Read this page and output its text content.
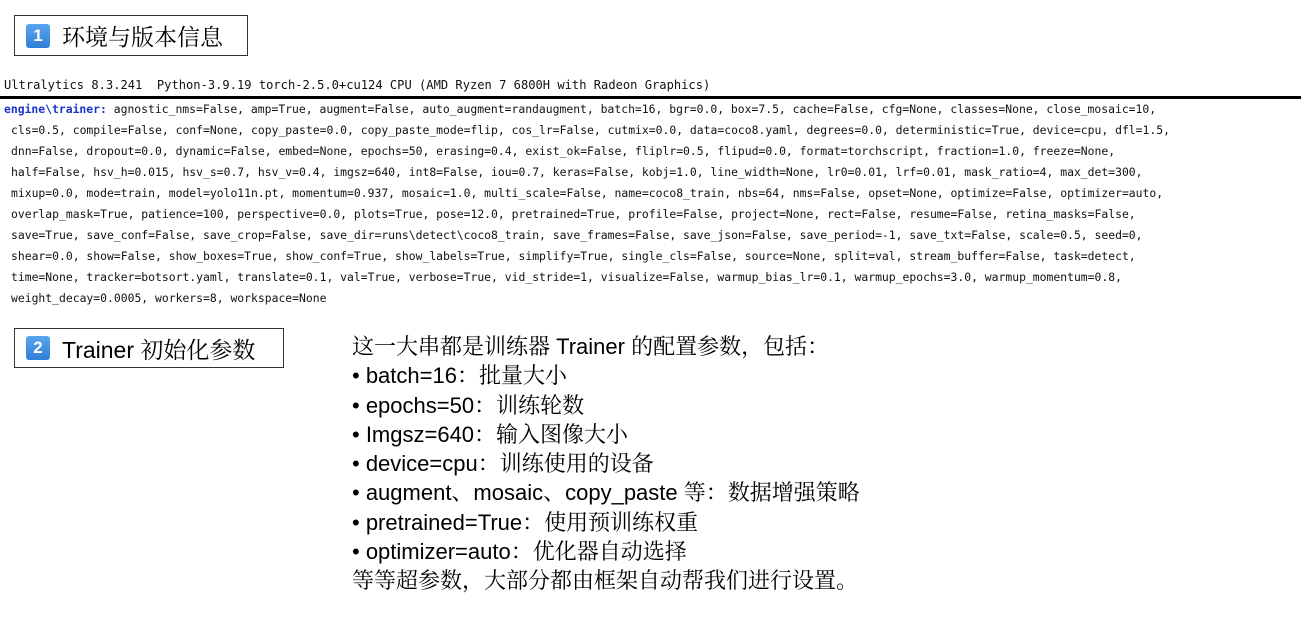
1 环境与版本信息
Ultralytics 8.3.241  Python-3.9.19 torch-2.5.0+cu124 CPU (AMD Ryzen 7 6800H with Radeon Graphics)
engine\trainer: agnostic_nms=False, amp=True, augment=False, auto_augment=randaugment, batch=16, bgr=0.0, box=7.5, cache=False, cfg=None, classes=None, close_mosaic=10,
cls=0.5, compile=False, conf=None, copy_paste=0.0, copy_paste_mode=flip, cos_lr=False, cutmix=0.0, data=coco8.yaml, degrees=0.0, deterministic=True, device=cpu, dfl=1.5,
dnn=False, dropout=0.0, dynamic=False, embed=None, epochs=50, erasing=0.4, exist_ok=False, fliplr=0.5, flipud=0.0, format=torchscript, fraction=1.0, freeze=None,
half=False, hsv_h=0.015, hsv_s=0.7, hsv_v=0.4, imgsz=640, int8=False, iou=0.7, keras=False, kobj=1.0, line_width=None, lr0=0.01, lrf=0.01, mask_ratio=4, max_det=300,
mixup=0.0, mode=train, model=yolo11n.pt, momentum=0.937, mosaic=1.0, multi_scale=False, name=coco8_train, nbs=64, nms=False, opset=None, optimize=False, optimizer=auto,
overlap_mask=True, patience=100, perspective=0.0, plots=True, pose=12.0, pretrained=True, profile=False, project=None, rect=False, resume=False, retina_masks=False,
save=True, save_conf=False, save_crop=False, save_dir=runs\detect\coco8_train, save_frames=False, save_json=False, save_period=-1, save_txt=False, scale=0.5, seed=0,
shear=0.0, show=False, show_boxes=True, show_conf=True, show_labels=True, simplify=True, single_cls=False, source=None, split=val, stream_buffer=False, task=detect,
time=None, tracker=botsort.yaml, translate=0.1, val=True, verbose=True, vid_stride=1, visualize=False, warmup_bias_lr=0.1, warmup_epochs=3.0, warmup_momentum=0.8,
weight_decay=0.0005, workers=8, workspace=None
2 Trainer 初始化参数	这一大串都是训练器 Trainer 的配置参数，包括：
• batch=16：批量大小
• epochs=50：训练轮数
• Imgsz=640：输入图像大小
• device=cpu：训练使用的设备
• augment、mosaic、copy_paste 等：数据增强策略
• pretrained=True：使用预训练权重
• optimizer=auto：优化器自动选择
等等超参数，大部分都由框架自动帮我们进行设置。
